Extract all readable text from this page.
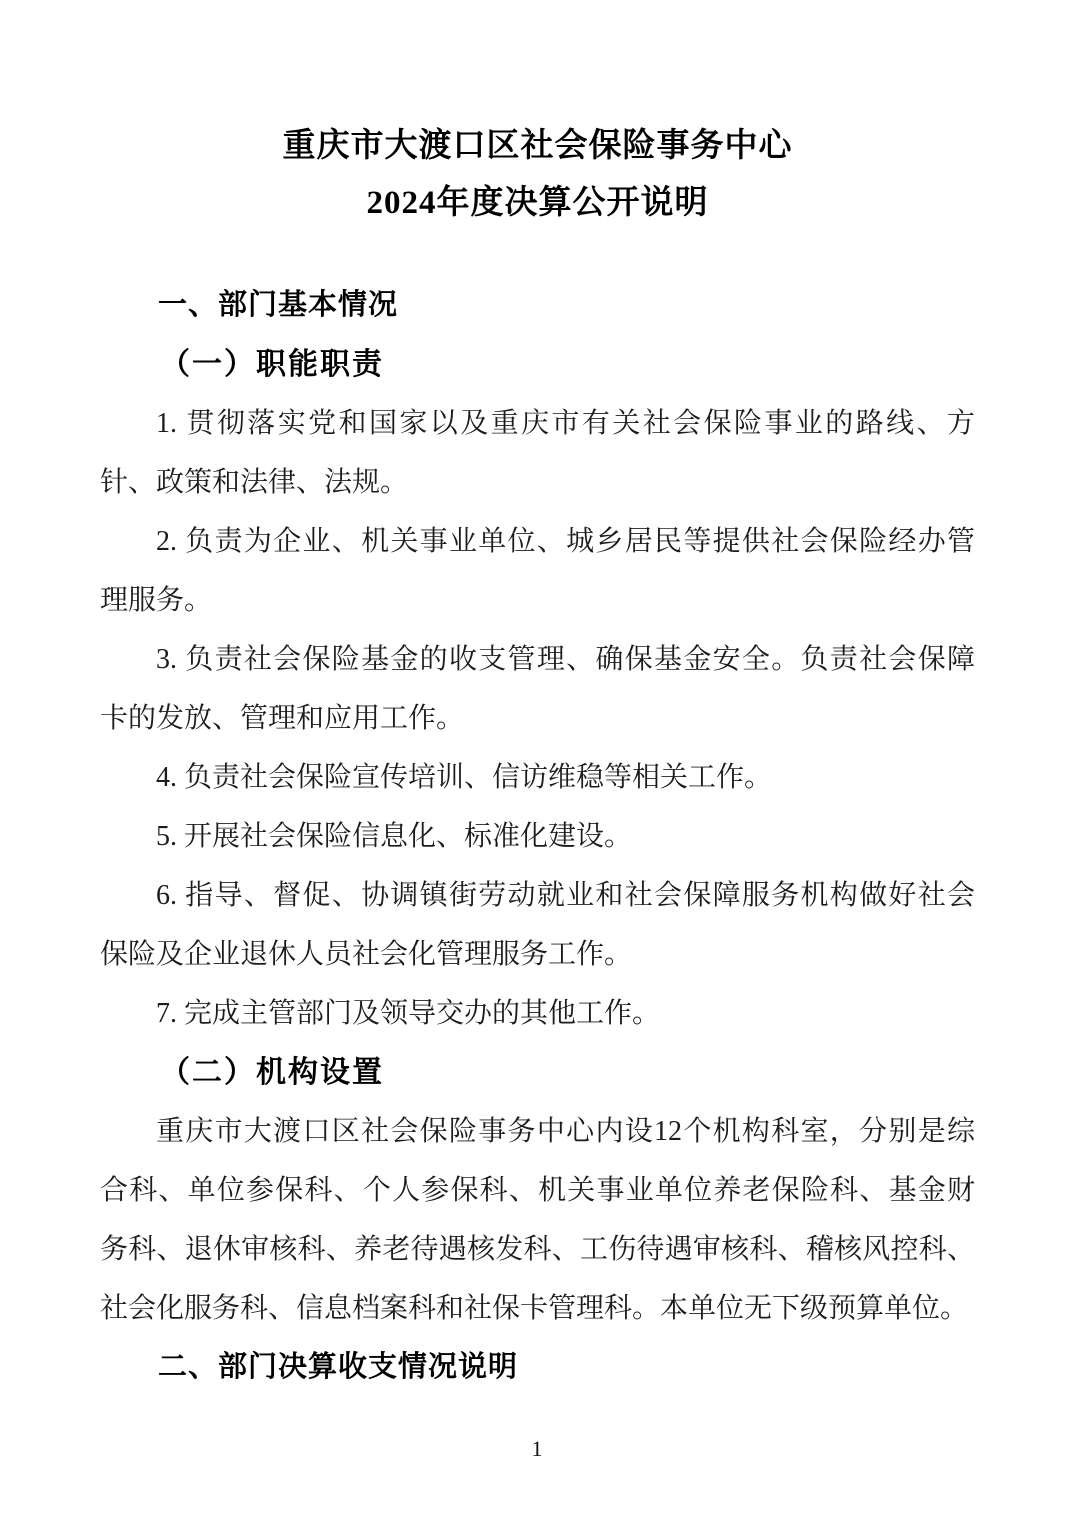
重庆市大渡口区社会保险事务中心
2024年度决算公开说明
一、部门基本情况
（一）职能职责
1. 贯彻落实党和国家以及重庆市有关社会保险事业的路线、方
针、政策和法律、法规。
2. 负责为企业、机关事业单位、城乡居民等提供社会保险经办管
理服务。
3. 负责社会保险基金的收支管理、确保基金安全。负责社会保障
卡的发放、管理和应用工作。
4. 负责社会保险宣传培训、信访维稳等相关工作。
5. 开展社会保险信息化、标准化建设。
6. 指导、督促、协调镇街劳动就业和社会保障服务机构做好社会
保险及企业退休人员社会化管理服务工作。
7. 完成主管部门及领导交办的其他工作。
（二）机构设置
重庆市大渡口区社会保险事务中心内设12个机构科室，分别是综
合科、单位参保科、个人参保科、机关事业单位养老保险科、基金财
务科、退休审核科、养老待遇核发科、工伤待遇审核科、稽核风控科、
社会化服务科、信息档案科和社保卡管理科。本单位无下级预算单位。
二、部门决算收支情况说明
1
